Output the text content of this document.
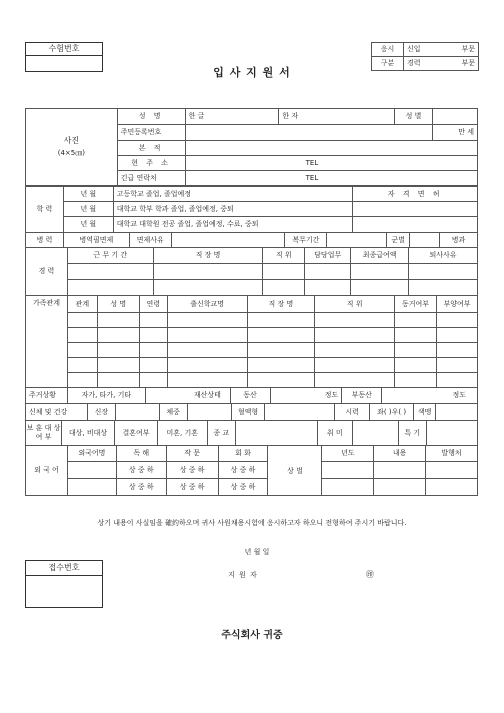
수험번호
입 사 지 원 서
응시	신입	부문
구분	경력	부문
사진
(4×5㎝)	성 명	한 글		한 자		성 별	
	주민등록번호						만 세
	본 적						
	현 주 소	TEL					
	긴급 연락처	TEL					
학 력	년 월	고등학교 졸업, 졸업예정	자 격 면 허
	년 월	대학교 학부 학과 졸업, 졸업예정, 중퇴	
	년 월	대학교 대학원 전공 졸업, 졸업예정, 수료, 중퇴	
병 력	병역필면제	면제사유		복무기간		군별		병과
경 력	근 무 기 간	직 장 명	직 위	담당업무	최종급여액	퇴사사유

가족관계	관계	성 명	연령	출신학교명	직 장 명	직 위	동거여부	부양여부

주거상황	자가, 타가, 기타		재산상태	동산		정도	부동산		정도
신체 및 건강	신장		체중		혈액형		시력	좌( )우( )	색맹	
보 훈 대 상 여 부	대상, 비대상	결혼여부	미혼, 기혼	종 교		취 미		특 기	
외 국 어	외국어명	독 해	작 문	회 화	상 벌	년도	내용	발행처
		상 중 하	상 중 하	상 중 하				
		상 중 하	상 중 하	상 중 하				
상기 내용이 사실임을 確約하오며 귀사 사원채용시험에 응시하고자 하오니 전형하여 주시기 바랍니다.
년 월 일
접수번호
지 원 자	㊞
주식회사 귀중
